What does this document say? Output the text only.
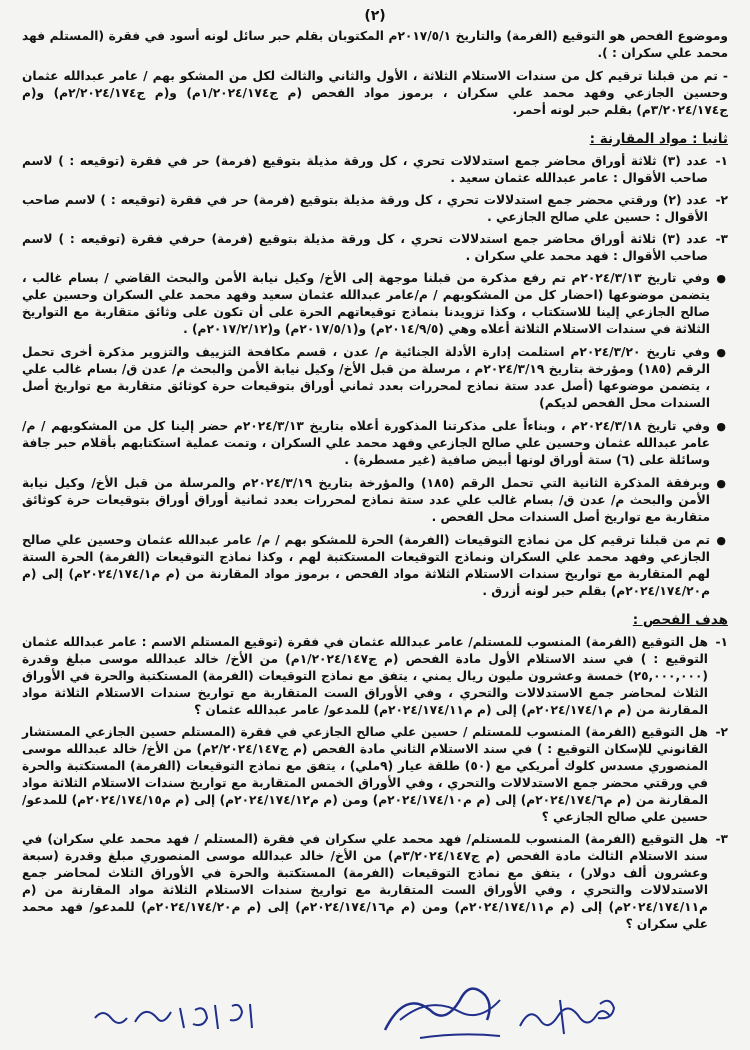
(٢)

وموضوع الفحص هو التوقيع (الفرمة) والتاريخ ٢٠١٧/٥/١م المكتوبان بقلم حبر سائل لونه أسود في فقرة (المستلم فهد محمد علي سكران : ).

- تم من قبلنا ترقيم كل من سندات الاستلام الثلاثة ، الأول والثاني والثالث لكل من المشكو بهم / عامر عبدالله عثمان وحسين الجازعي وفهد محمد علي سكران ، برموز مواد الفحص (م ج١/٢٠٢٤/١٧٤م) و(م ج٢/٢٠٢٤/١٧٤م) و(م ج٣/٢٠٢٤/١٧٤م) بقلم حبر لونه أحمر.

ثانيا : مواد المقارنة :
١-
عدد (٣) ثلاثة أوراق محاضر جمع استدلالات تحري ، كل ورقة مذيلة بتوقيع (فرمة) حر في فقرة (توقيعه : ) لاسم صاحب الأقوال : عامر عبدالله عثمان سعيد .
٢-
عدد (٢) ورقتي محضر جمع استدلالات تحري ، كل ورقة مذيلة بتوقيع (فرمة) حر في فقرة (توقيعه : ) لاسم صاحب الأقوال : حسين علي صالح الجازعي .
٣-
عدد (٣) ثلاثة أوراق محاضر جمع استدلالات تحري ، كل ورقة مذيلة بتوقيع (فرمة) حرفي فقرة (توقيعه : ) لاسم صاحب الأقوال : فهد محمد علي سكران .
●
وفي تاريخ ٢٠٢٤/٣/١٣م تم رفع مذكرة من قبلنا موجهة إلى الأخ/ وكيل نيابة الأمن والبحث القاضي / بسام غالب ، يتضمن موضوعها (احضار كل من المشكوبهم / م/عامر عبدالله عثمان سعيد وفهد محمد علي السكران وحسين علي صالح الجازعي إلينا للاستكتاب ، وكذا تزويدنا بنماذج توقيعاتهم الحرة على أن تكون على وثائق متقاربة مع التواريخ الثلاثة في سندات الاستلام الثلاثة أعلاه وهي (٢٠١٤/٩/٥م) و(٢٠١٧/٥/١م) و(٢٠١٧/٢/١٢م) .
●
وفي تاريخ ٢٠٢٤/٣/٢٠م استلمت إدارة الأدلة الجنائية م/ عدن ، قسم مكافحة التزييف والتزوير مذكرة أخرى تحمل الرقم (١٨٥) ومؤرخة بتاريخ ٢٠٢٤/٣/١٩م ، مرسلة من قبل الأخ/ وكيل نيابة الأمن والبحث م/ عدن ق/ بسام غالب علي ، يتضمن موضوعها (أصل عدد ستة نماذج لمحررات بعدد ثماني أوراق بتوقيعات حرة كوثائق متقاربة مع تواريخ أصل السندات محل الفحص لديكم)
●
وفي تاريخ ٢٠٢٤/٣/١٨م ، وبناءاً على مذكرتنا المذكورة أعلاه بتاريخ ٢٠٢٤/٣/١٣م حضر إلينا كل من المشكوبهم / م/عامر عبدالله عثمان وحسين علي صالح الجازعي وفهد محمد علي السكران ، وتمت عملية استكتابهم بأقلام حبر جافة وسائلة على (٦) ستة أوراق لونها أبيض صافية (غير مسطرة) .
●
وبرفقة المذكرة الثانية التي تحمل الرقم (١٨٥) والمؤرخة بتاريخ ٢٠٢٤/٣/١٩م والمرسلة من قبل الأخ/ وكيل نيابة الأمن والبحث م/ عدن ق/ بسام غالب علي عدد ستة نماذج لمحررات بعدد ثمانية أوراق أوراق بتوقيعات حرة كوثائق متقاربة مع تواريخ أصل السندات محل الفحص .
●
تم من قبلنا ترقيم كل من نماذج التوقيعات (الفرمة) الحرة للمشكو بهم / م/ عامر عبدالله عثمان وحسين علي صالح الجازعي وفهد محمد علي السكران ونماذج التوقيعات المستكتبة لهم ، وكذا نماذج التوقيعات (الفرمة) الحرة الستة لهم المتقاربة مع تواريخ سندات الاستلام الثلاثة مواد الفحص ، برموز مواد المقارنة من (م م٢٠٢٤/١٧٤/١م) إلى (م م٢٠٢٤/١٧٤/٢٠م) بقلم حبر لونه أزرق .
هدف الفحص :
١-
هل التوقيع (الفرمة) المنسوب للمستلم/ عامر عبدالله عثمان في فقرة (توقيع المستلم الاسم : عامر عبدالله عثمان التوقيع : ) في سند الاستلام الأول مادة الفحص (م ج١/٢٠٢٤/١٤٧م) من الأخ/ خالد عبدالله موسى مبلغ وقدرة (٢٥,٠٠٠,٠٠٠) خمسة وعشرون مليون ريال يمني ، يتفق مع نماذج التوقيعات (الفرمة) المستكتبة والحرة في الأوراق الثلاث لمحاضر جمع الاستدلالات والتحري ، وفي الأوراق الست المتقاربة مع تواريخ سندات الاستلام الثلاثة مواد المقارنة من (م م٢٠٢٤/١٧٤/١م) إلى (م م٢٠٢٤/١٧٤/١١م) للمدعو/ عامر عبدالله عثمان ؟
٢-
هل التوقيع (الفرمة) المنسوب للمستلم / حسين علي صالح الجازعي في فقرة (المستلم حسين الجازعي المستشار القانوني للإسكان التوقيع : ) في سند الاستلام الثاني مادة الفحص (م ج٢/٢٠٢٤/١٤٧م) من الأخ/ خالد عبدالله موسى المنصوري مسدس كلوك أمريكي مع (٥٠) طلقة عيار (٩ملي) ، يتفق مع نماذج التوقيعات (الفرمة) المستكتبة والحرة في ورقتي محضر جمع الاستدلالات والتحري ، وفي الأوراق الخمس المتقاربة مع تواريخ سندات الاستلام الثلاثة مواد المقارنة من (م م٢٠٢٤/١٧٤/٦م) إلى (م م٢٠٢٤/١٧٤/١٠م) ومن (م م٢٠٢٤/١٧٤/١٢م) إلى (م م٢٠٢٤/١٧٤/١٥م) للمدعو/ حسين علي صالح الجازعي ؟
٣-
هل التوقيع (الفرمة) المنسوب للمستلم/ فهد محمد علي سكران في فقرة (المستلم / فهد محمد علي سكران) في سند الاستلام الثالث مادة الفحص (م ج٣/٢٠٢٤/١٤٧م) من الأخ/ خالد عبدالله موسى المنصوري مبلغ وقدرة (سبعة وعشرون ألف دولار) ، يتفق مع نماذج التوقيعات (الفرمة) المستكتبة والحرة في الأوراق الثلاث لمحاضر جمع الاستدلالات والتحري ، وفي الأوراق الست المتقاربة مع تواريخ سندات الاستلام الثلاثة مواد المقارنة من (م م٢٠٢٤/١٧٤/١١م) إلى (م م٢٠٢٤/١٧٤/١١م) ومن (م م٢٠٢٤/١٧٤/١٦م) إلى (م م٢٠٢٤/١٧٤/٢٠م) للمدعو/ فهد محمد علي سكران ؟
